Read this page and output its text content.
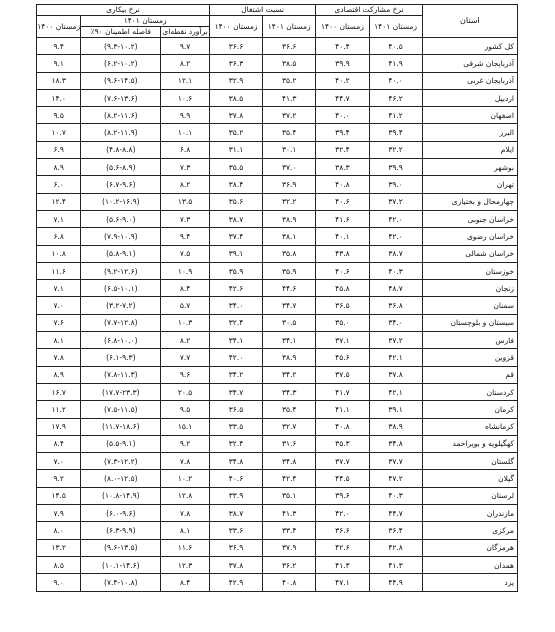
استان	نرخ مشارکت اقتصادی		نسبت اشتغال		نرخ بیکاری		
	زمستان ۱۴۰۱	زمستان ۱۴۰۰	زمستان ۱۴۰۱	زمستان ۱۴۰۰	زمستان ۱۴۰۱		زمستان ۱۴۰۰
					برآورد نقطه‌ای	فاصله اطمینان ۹۰٪	
کل کشور	۴۰.۵	۴۰.۴	۳۶.۶	۳۶.۶	۹.۷	(۹.۳-۱۰.۲)	۹.۴
آذربایجان شرقی	۴۱.۹	۳۹.۹	۳۸.۵	۳۶.۳	۸.۲	(۶.۲-۱۰.۲)	۹.۱
آذربایجان غربی	۴۰.۰	۴۰.۲	۳۵.۲	۳۲.۹	۱۲.۱	(۹.۶-۱۴.۵)	۱۸.۳
اردبیل	۴۶.۲	۴۴.۷	۴۱.۳	۳۸.۵	۱۰.۶	(۷.۶-۱۳.۶)	۱۴.۰
اصفهان	۴۱.۲	۴۰.۰	۳۷.۲	۳۷.۸	۹.۹	(۸.۲-۱۱.۶)	۹.۵
البرز	۳۹.۴	۳۹.۴	۳۵.۴	۳۵.۲	۱۰.۱	(۸.۲-۱۱.۹)	۱۰.۷
ایلام	۳۲.۲	۳۲.۴	۳۰.۱	۳۱.۱	۶.۸	(۴.۸-۸.۸)	۶.۹
بوشهر	۳۹.۹	۳۸.۳	۳۷.۰	۳۵.۵	۷.۳	(۵.۶-۸.۹)	۸.۹
تهران	۳۹.۰	۴۰.۸	۳۶.۹	۳۸.۴	۸.۲	(۶.۷-۹.۶)	۶.۰
چهارمحال و بختیاری	۳۷.۲	۴۰.۶	۳۲.۲	۳۵.۶	۱۳.۵	(۱۰.۲-۱۶.۹)	۱۲.۴
خراسان جنوبی	۴۲.۰	۴۱.۶	۳۸.۹	۳۸.۷	۷.۳	(۵.۶-۹.۰)	۷.۱
خراسان رضوی	۴۲.۰	۴۰.۱	۳۸.۱	۳۷.۴	۹.۴	(۷.۹-۱۰.۹)	۶.۸
خراسان شمالی	۳۸.۷	۴۳.۸	۳۵.۸	۳۹.۱	۷.۵	(۵.۸-۹.۱)	۱۰.۸
خوزستان	۴۰.۳	۴۰.۶	۳۵.۹	۳۵.۹	۱۰.۹	(۹.۲-۱۲.۶)	۱۱.۶
زنجان	۴۸.۷	۴۵.۸	۴۴.۶	۴۲.۶	۸.۴	(۶.۵-۱۰.۱)	۷.۱
سمنان	۳۶.۸	۳۶.۵	۳۴.۷	۳۴.۰	۵.۷	(۳.۲-۷.۲)	۷.۰
سیستان و بلوچستان	۳۴.۰	۳۵.۰	۳۰.۵	۳۲.۴	۱۰.۳	(۷.۷-۱۲.۸)	۷.۶
فارس	۳۷.۲	۳۷.۱	۳۴.۱	۳۴.۱	۸.۲	(۶.۸-۱۰.۰)	۸.۱
قزوین	۴۲.۱	۴۵.۶	۳۸.۹	۴۲.۰	۷.۷	(۶.۱-۹.۳)	۷.۸
قم	۳۷.۸	۳۷.۵	۳۴.۲	۳۴.۲	۹.۶	(۷.۸-۱۱.۳)	۸.۹
کردستان	۴۲.۱	۴۱.۷	۳۴.۳	۳۴.۷	۲۰.۵	(۱۷.۷-۲۳.۳)	۱۶.۷
کرمان	۳۹.۱	۴۱.۱	۳۵.۴	۳۶.۵	۹.۵	(۷.۵-۱۱.۵)	۱۱.۲
کرمانشاه	۳۸.۹	۴۰.۸	۳۲.۷	۳۳.۵	۱۵.۱	(۱۱.۷-۱۸.۶)	۱۷.۹
کهگیلویه و بویراحمد	۳۴.۸	۳۵.۳	۳۱.۶	۳۲.۴	۹.۲	(۵.۵-۹.۱)	۸.۴
گلستان	۳۷.۷	۳۷.۷	۳۴.۸	۳۴.۸	۷.۸	(۷.۳-۱۲.۲)	۷.۰
گیلان	۴۷.۲	۴۴.۵	۴۲.۴	۴۰.۶	۱۰.۲	(۸.۰-۱۲.۵)	۹.۲
لرستان	۴۰.۳	۳۹.۶	۳۵.۱	۳۳.۹	۱۲.۸	(۱۰.۸-۱۴.۹)	۱۴.۵
مازندران	۴۴.۷	۴۲.۰	۴۱.۳	۳۸.۷	۷.۸	(۶.۰-۹.۶)	۷.۹
مرکزی	۳۶.۴	۳۶.۶	۳۳.۴	۳۳.۶	۸.۱	(۶.۳-۹.۹)	۸.۰
هرمزگان	۴۲.۸	۴۲.۶	۳۷.۹	۳۶.۹	۱۱.۶	(۹.۶-۱۳.۵)	۱۳.۲
همدان	۴۱.۳	۴۱.۳	۳۶.۲	۳۷.۸	۱۲.۳	(۱۰.۱-۱۴.۶)	۸.۵
یزد	۴۴.۹	۴۷.۱	۴۰.۸	۴۲.۹	۸.۴	(۷.۴-۱۰.۸)	۹.۰
